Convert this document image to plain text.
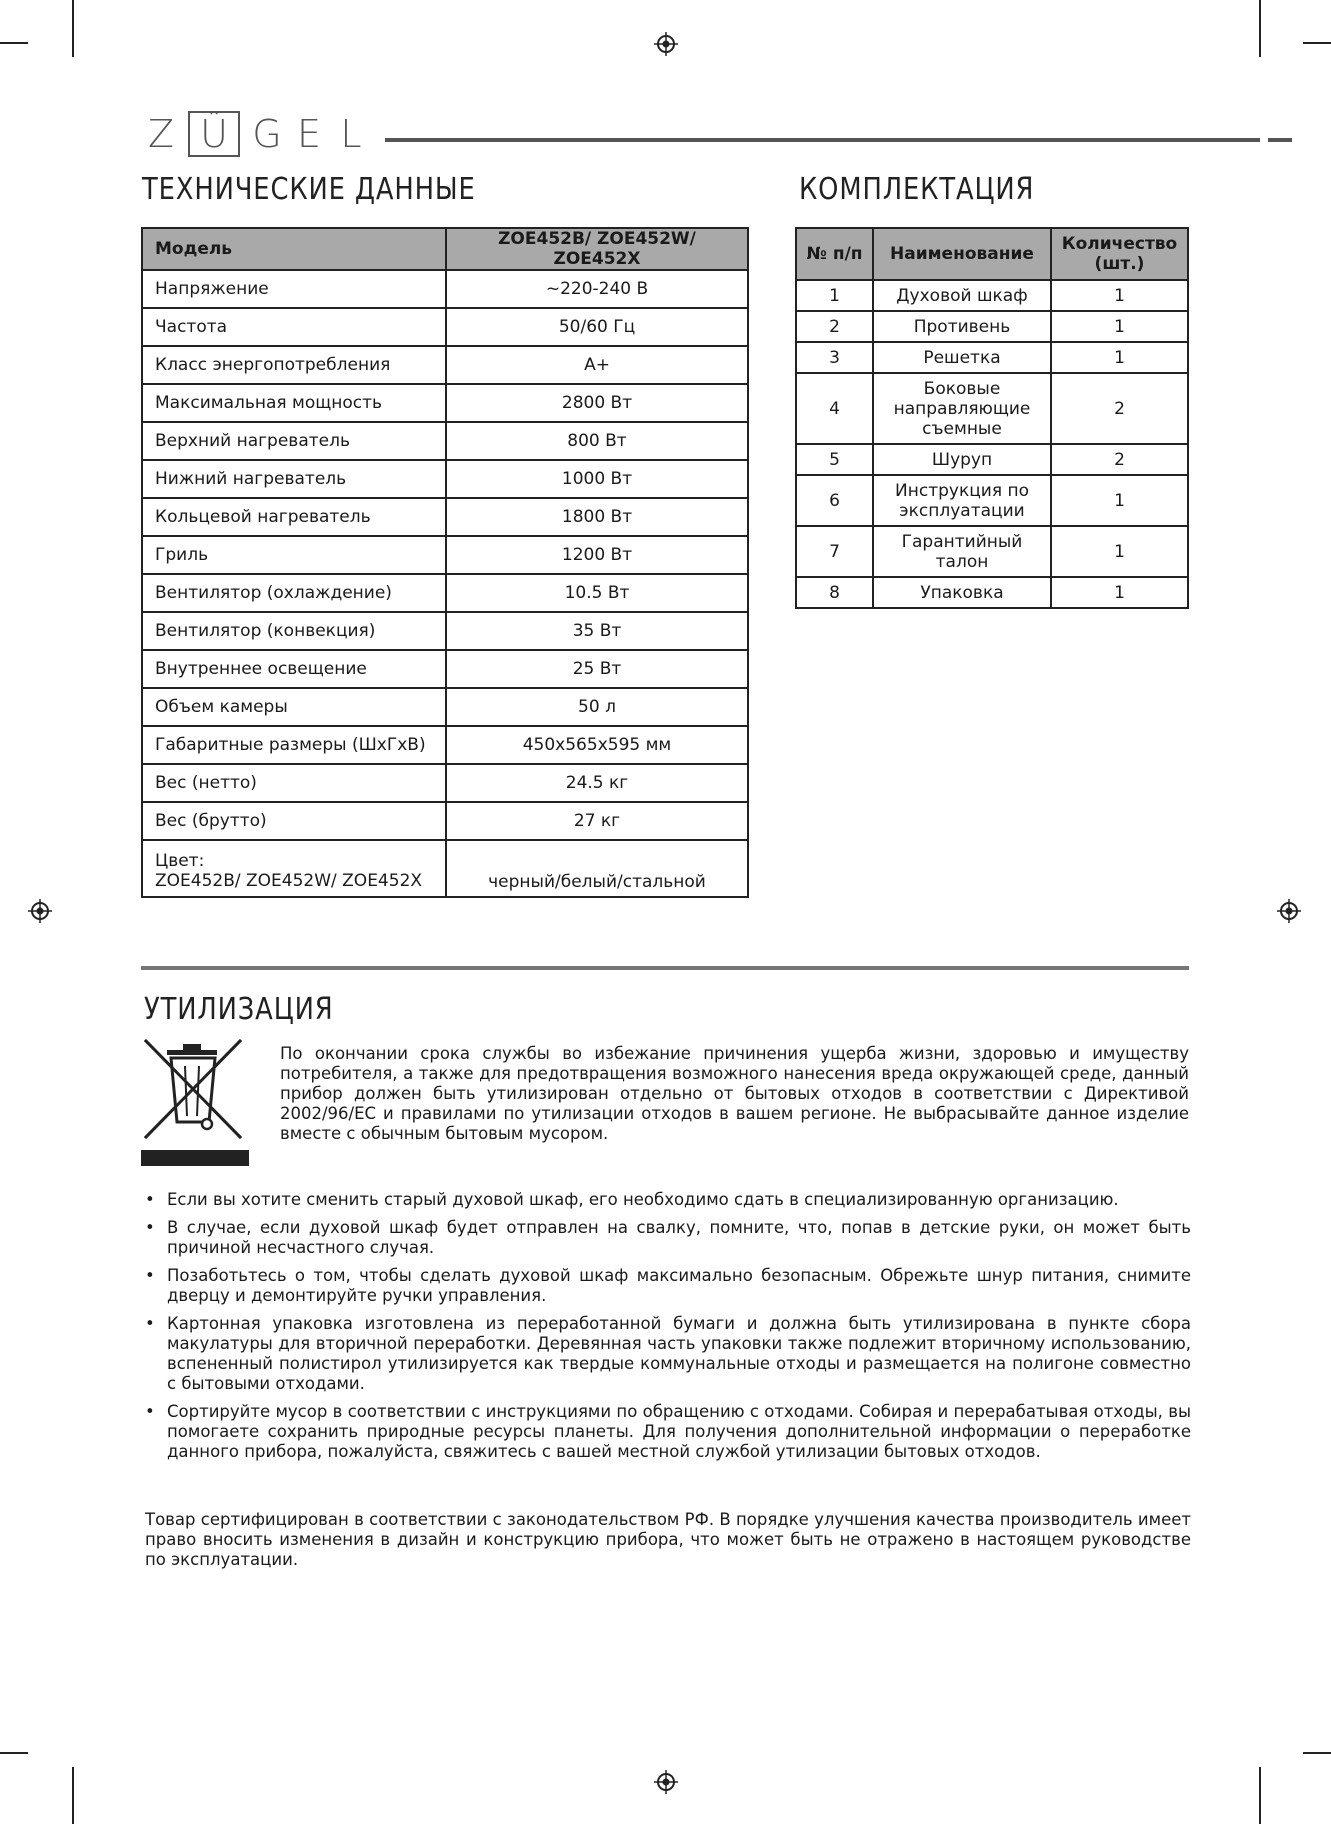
Z Ü G E L
ТЕХНИЧЕСКИЕ ДАННЫЕ	КОМПЛЕКТАЦИЯ
Модель	ZOE452B/ ZOE452W/ ZOE452X
Напряжение	~220-240 В
Частота	50/60 Гц
Класс энергопотребления	А+
Максимальная мощность	2800 Вт
Верхний нагреватель	800 Вт
Нижний нагреватель	1000 Вт
Кольцевой нагреватель	1800 Вт
Гриль	1200 Вт
Вентилятор (охлаждение)	10.5 Вт
Вентилятор (конвекция)	35 Вт
Внутреннее освещение	25 Вт
Объем камеры	50 л
Габаритные размеры (ШхГхВ)	450х565х595 мм
Вес (нетто)	24.5 кг
Вес (брутто)	27 кг

Цвет:
ZOE452B/ ZOE452W/ ZOE452X	черный/белый/стальной
№ п/п	Наименование	Количество (шт.)
1	Духовой шкаф	1
2	Противень	1
3	Решетка	1
4	Боковые направляющие съемные	2
5	Шуруп	2
6	Инструкция по эксплуатации	1
7	Гарантийный талон	1
8	Упаковка	1
УТИЛИЗАЦИЯ

По окончании срока службы во избежание причинения ущерба жизни, здоровью и имуществу потребителя, а также для предотвращения возможного нанесения вреда окружающей среде, данный прибор должен быть утилизирован отдельно от бытовых отходов в соответствии с Директивой 2002/96/ЕС и правилами по утилизации отходов в вашем регионе. Не выбрасывайте данное изделие вместе с обычным бытовым мусором.

• Если вы хотите сменить старый духовой шкаф, его необходимо сдать в специализированную организацию.
• В случае, если духовой шкаф будет отправлен на свалку, помните, что, попав в детские руки, он может быть причиной несчастного случая.
• Позаботьтесь о том, чтобы сделать духовой шкаф максимально безопасным. Обрежьте шнур питания, снимите дверцу и демонтируйте ручки управления.
• Картонная упаковка изготовлена из переработанной бумаги и должна быть утилизирована в пункте сбора макулатуры для вторичной переработки. Деревянная часть упаковки также подлежит вторичному использованию, вспененный полистирол утилизируется как твердые коммунальные отходы и размещается на полигоне совместно с бытовыми отходами.
• Сортируйте мусор в соответствии с инструкциями по обращению с отходами. Собирая и перерабатывая отходы, вы помогаете сохранить природные ресурсы планеты. Для получения дополнительной информации о переработке данного прибора, пожалуйста, свяжитесь с вашей местной службой утилизации бытовых отходов.

Товар сертифицирован в соответствии с законодательством РФ. В порядке улучшения качества производитель имеет право вносить изменения в дизайн и конструкцию прибора, что может быть не отражено в настоящем руководстве по эксплуатации.
